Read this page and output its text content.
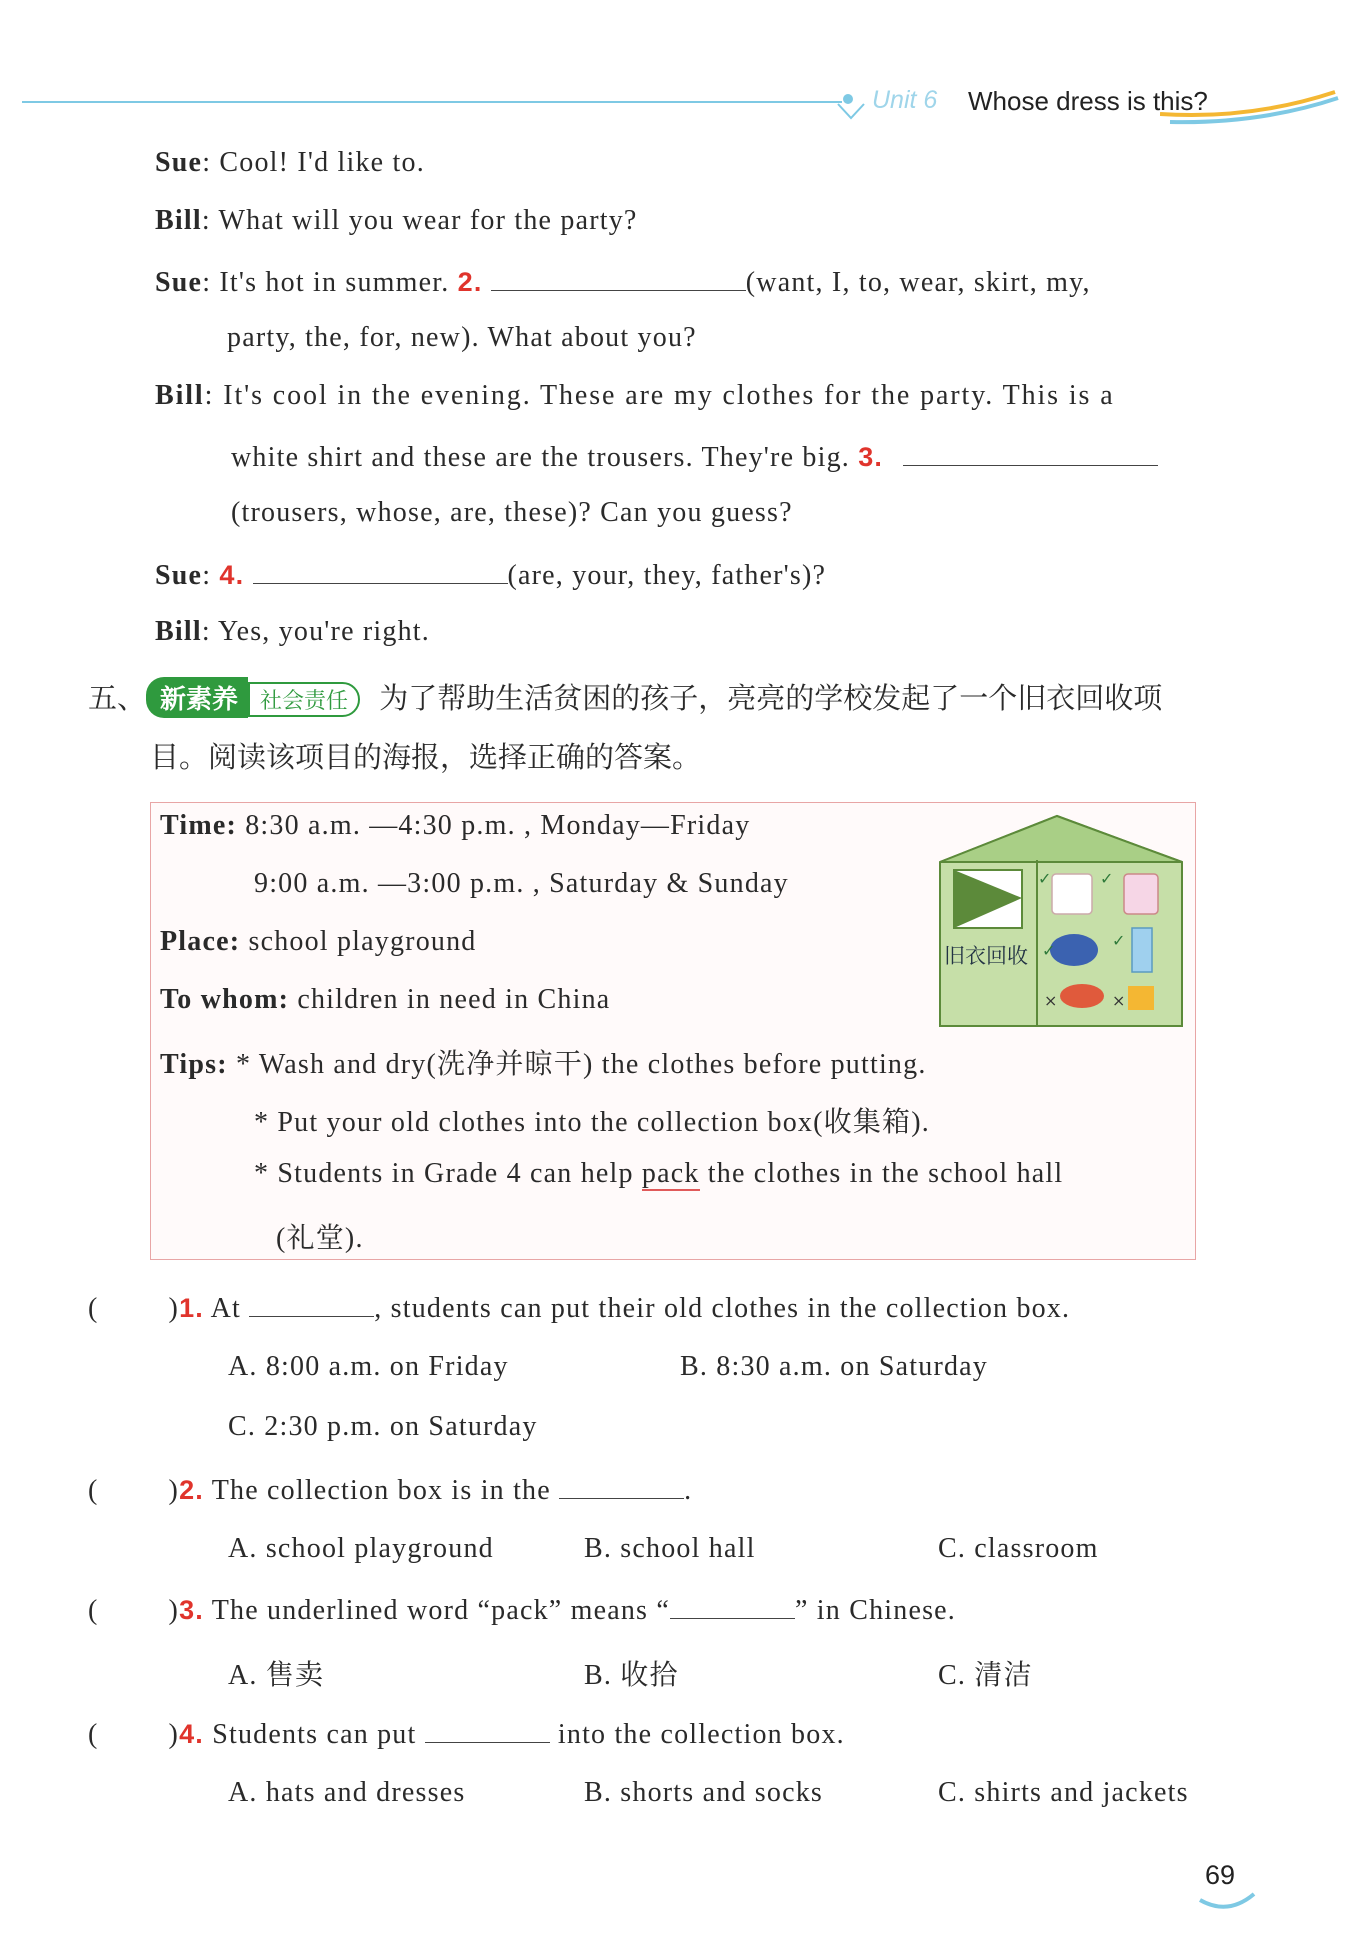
Unit 6 Whose dress is this?
Sue: Cool! I'd like to.
Bill: What will you wear for the party?
Sue: It's hot in summer. 2.	(want, I, to, wear, skirt, my,
party, the, for, new). What about you?
Bill: It's cool in the evening. These are my clothes for the party. This is a
white shirt and these are the trousers. They're big. 3.
(trousers, whose, are, these)? Can you guess?
Sue: 4.	(are, your, they, father's)?
Bill: Yes, you're right.
五、 新素养 社会责任 为了帮助生活贫困的孩子，亮亮的学校发起了一个旧衣回收项
目。阅读该项目的海报，选择正确的答案。
Time: 8:30 a.m. —4:30 p.m. , Monday—Friday
9:00 a.m. —3:00 p.m. , Saturday & Sunday
Place: school playground
To whom: children in need in China
Tips: * Wash and dry(洗净并晾干) the clothes before putting.
* Put your old clothes into the collection box(收集箱).
* Students in Grade 4 can help pack the clothes in the school hall
(礼堂).
✓	✓
✓
✓
×	×
旧衣回收
(	)1. At	, students can put their old clothes in the collection box.
A. 8:00 a.m. on Friday	B. 8:30 a.m. on Saturday
C. 2:30 p.m. on Saturday
(	)2. The collection box is in the	.
A. school playground	B. school hall	C. classroom
(	)3. The underlined word “pack” means “	” in Chinese.
A. 售卖	B. 收拾	C. 清洁
(	)4. Students can put	into the collection box.
A. hats and dresses	B. shorts and socks	C. shirts and jackets
69
